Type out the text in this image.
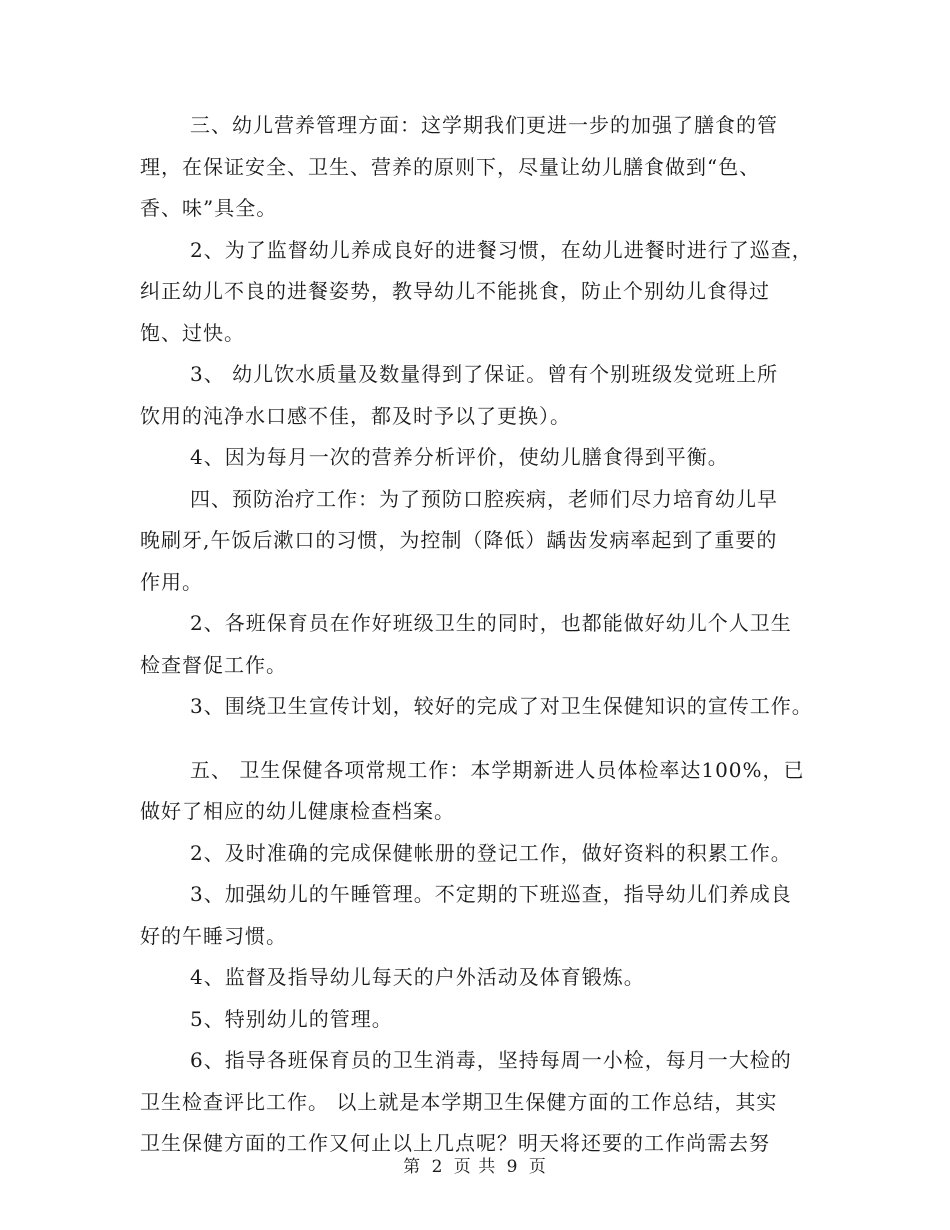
三、幼儿营养管理方面：这学期我们更进一步的加强了膳食的管
理，在保证安全、卫生、营养的原则下，尽量让幼儿膳食做到“色、
香、味”具全。
2、为了监督幼儿养成良好的进餐习惯，在幼儿进餐时进行了巡查，
纠正幼儿不良的进餐姿势，教导幼儿不能挑食，防止个别幼儿食得过
饱、过快。
3、 幼儿饮水质量及数量得到了保证。曾有个别班级发觉班上所
饮用的沌净水口感不佳，都及时予以了更换）。
4、因为每月一次的营养分析评价，使幼儿膳食得到平衡。
四、预防治疗工作：为了预防口腔疾病，老师们尽力培育幼儿早
晚刷牙,午饭后漱口的习惯，为控制（降低）龋齿发病率起到了重要的
作用。
2、各班保育员在作好班级卫生的同时，也都能做好幼儿个人卫生
检查督促工作。
3、围绕卫生宣传计划，较好的完成了对卫生保健知识的宣传工作。
五、 卫生保健各项常规工作：本学期新进人员体检率达100%，已
做好了相应的幼儿健康检查档案。
2、及时准确的完成保健帐册的登记工作，做好资料的积累工作。
3、加强幼儿的午睡管理。不定期的下班巡查，指导幼儿们养成良
好的午睡习惯。
4、监督及指导幼儿每天的户外活动及体育锻炼。
5、特别幼儿的管理。
6、指导各班保育员的卫生消毒，坚持每周一小检，每月一大检的
卫生检查评比工作。 以上就是本学期卫生保健方面的工作总结，其实
卫生保健方面的工作又何止以上几点呢？明天将还要的工作尚需去努
第 2 页 共 9 页
